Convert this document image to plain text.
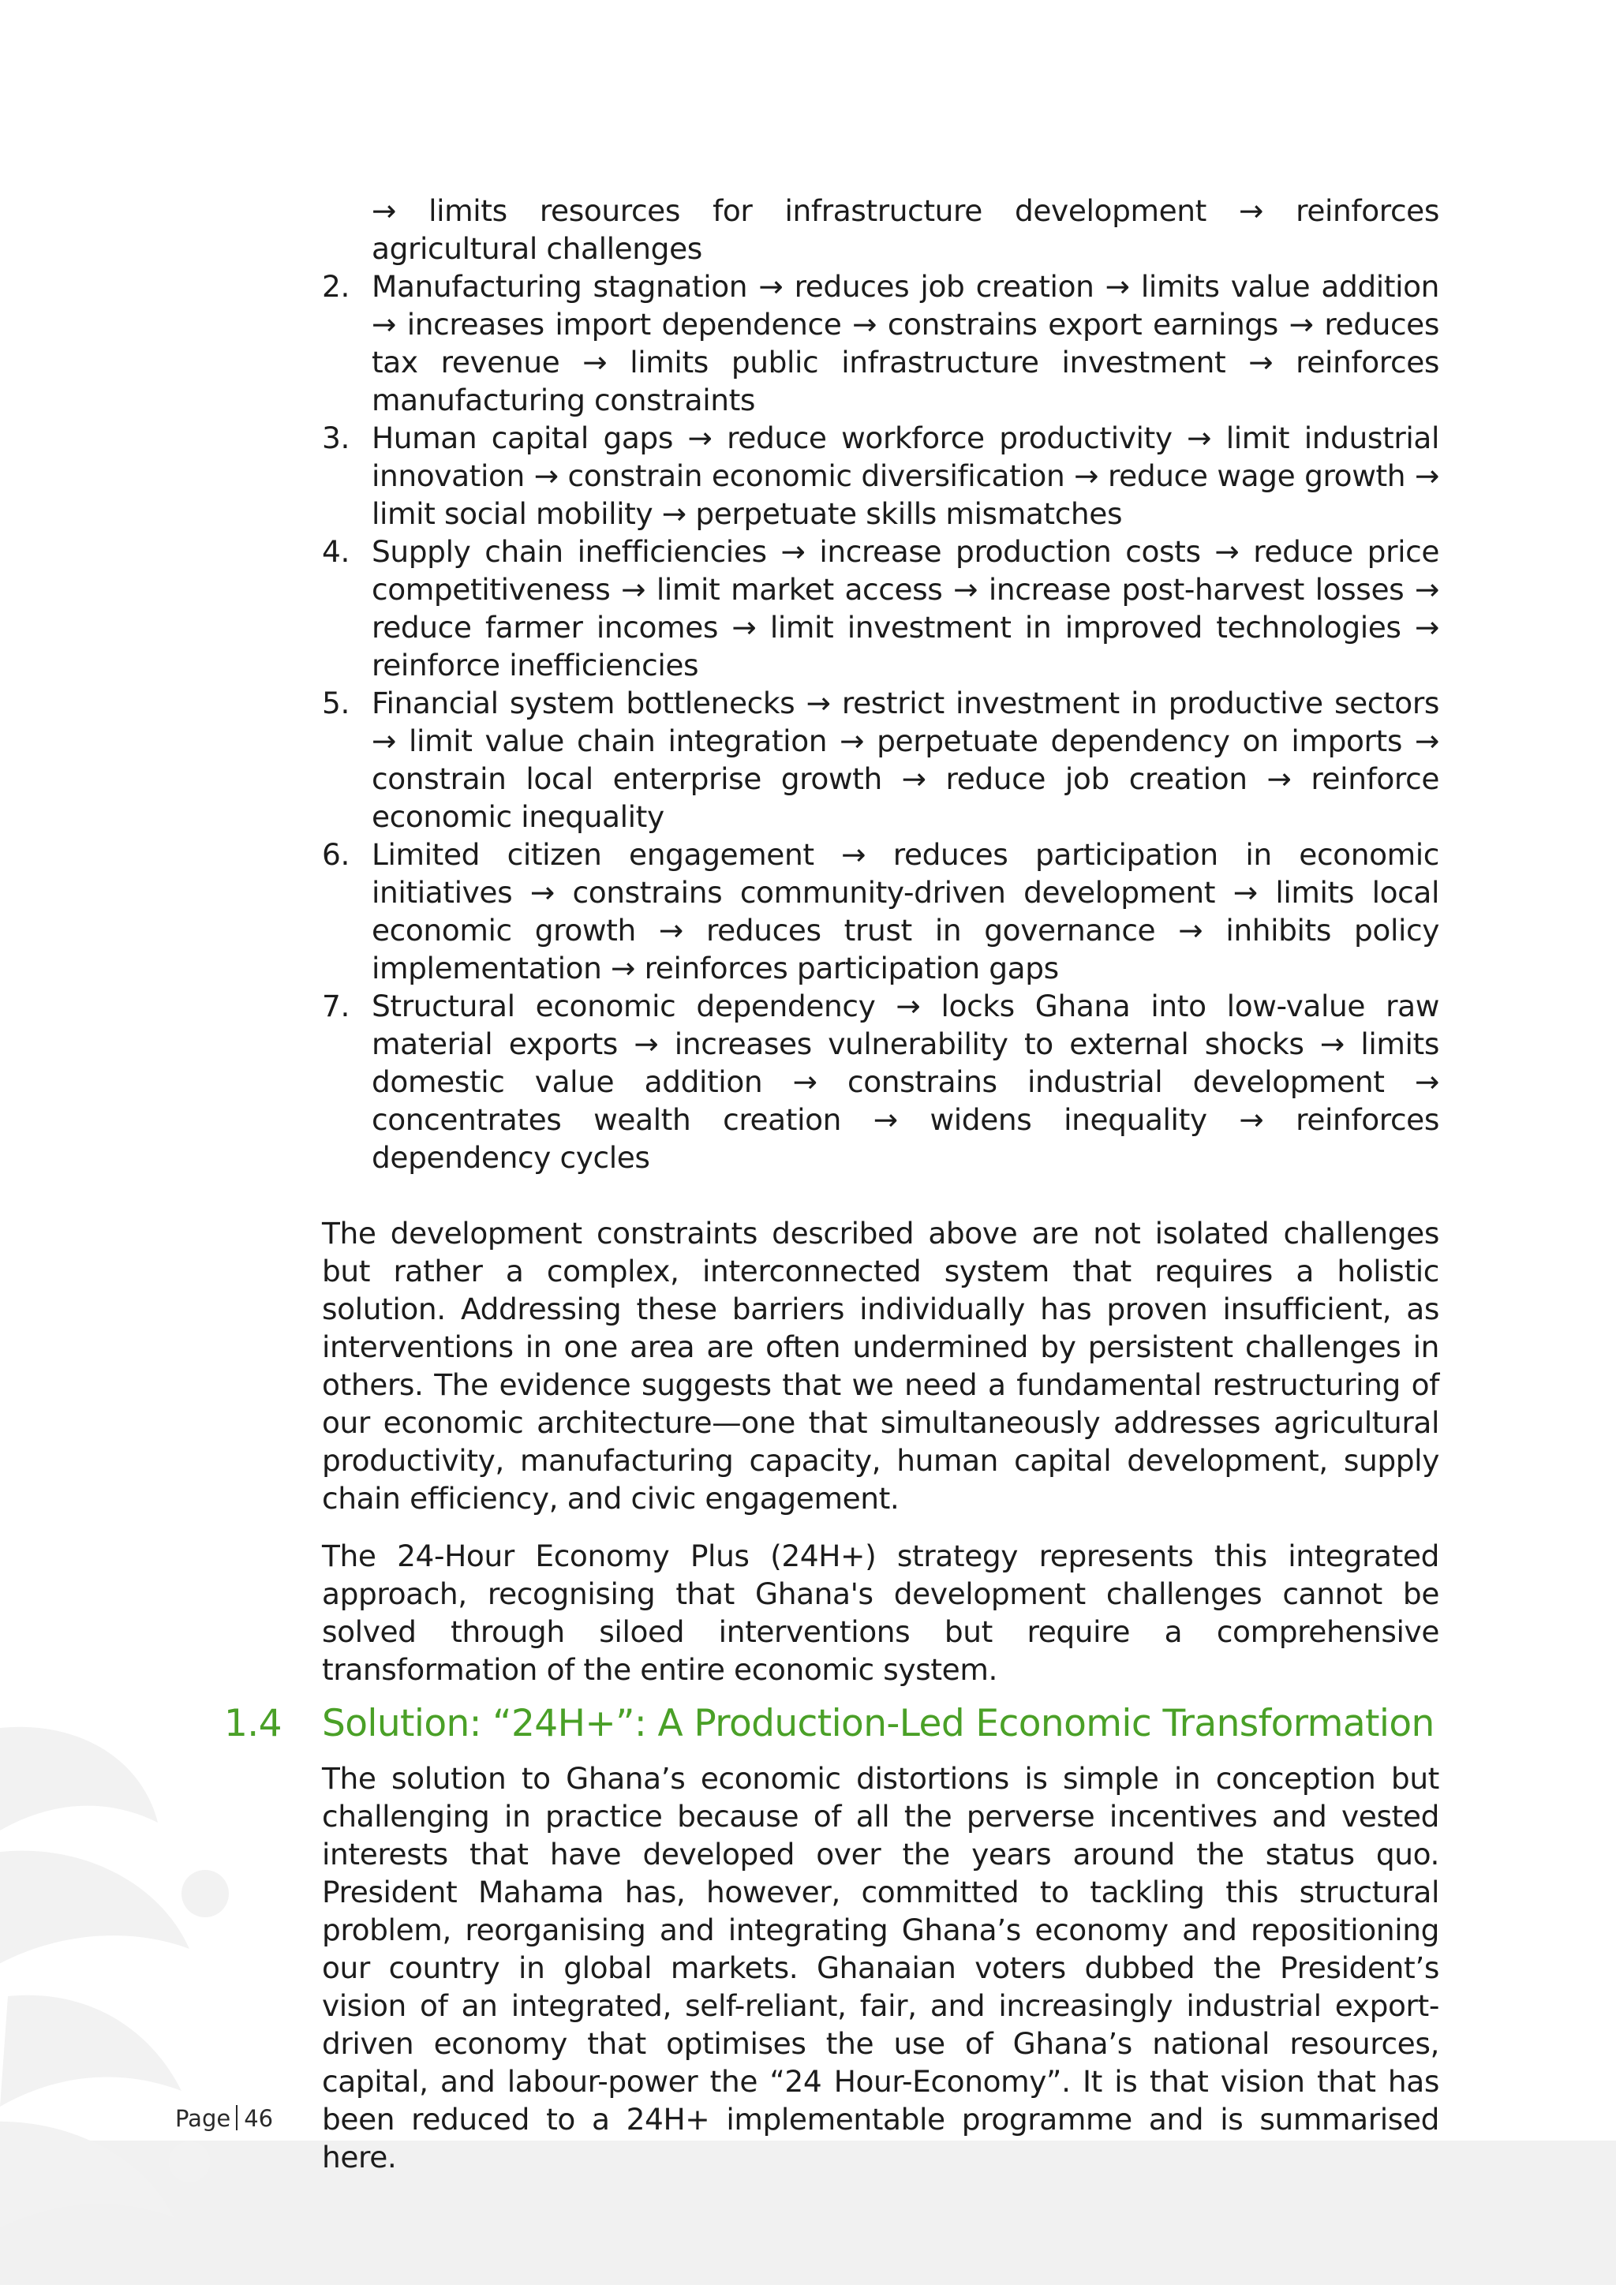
→ limits resources for infrastructure development → reinforces agricultural challenges
2. Manufacturing stagnation → reduces job creation → limits value addition → increases import dependence → constrains export earnings → reduces tax revenue → limits public infrastructure investment → reinforces manufacturing constraints
3. Human capital gaps → reduce workforce productivity → limit industrial innovation → constrain economic diversification → reduce wage growth → limit social mobility → perpetuate skills mismatches
4. Supply chain inefficiencies → increase production costs → reduce price competitiveness → limit market access → increase post-harvest losses → reduce farmer incomes → limit investment in improved technologies → reinforce inefficiencies
5. Financial system bottlenecks → restrict investment in productive sectors → limit value chain integration → perpetuate dependency on imports → constrain local enterprise growth → reduce job creation → reinforce economic inequality
6. Limited citizen engagement → reduces participation in economic initiatives → constrains community-driven development → limits local economic growth → reduces trust in governance → inhibits policy implementation → reinforces participation gaps
7. Structural economic dependency → locks Ghana into low-value raw material exports → increases vulnerability to external shocks → limits domestic value addition → constrains industrial development → concentrates wealth creation → widens inequality → reinforces dependency cycles

The development constraints described above are not isolated challenges but rather a complex, interconnected system that requires a holistic solution. Addressing these barriers individually has proven insufficient, as interventions in one area are often undermined by persistent challenges in others. The evidence suggests that we need a fundamental restructuring of our economic architecture—one that simultaneously addresses agricultural productivity, manufacturing capacity, human capital development, supply chain efficiency, and civic engagement.

The 24-Hour Economy Plus (24H+) strategy represents this integrated approach, recognising that Ghana's development challenges cannot be solved through siloed interventions but require a comprehensive transformation of the entire economic system.

1.4 Solution: “24H+”: A Production-Led Economic Transformation

The solution to Ghana’s economic distortions is simple in conception but challenging in practice because of all the perverse incentives and vested interests that have developed over the years around the status quo. President Mahama has, however, committed to tackling this structural problem, reorganising and integrating Ghana’s economy and repositioning our country in global markets. Ghanaian voters dubbed the President’s vision of an integrated, self-reliant, fair, and increasingly industrial export-driven economy that optimises the use of Ghana’s national resources, capital, and labour-power the “24 Hour-Economy”. It is that vision that has been reduced to a 24H+ implementable programme and is summarised here.

Page 46
